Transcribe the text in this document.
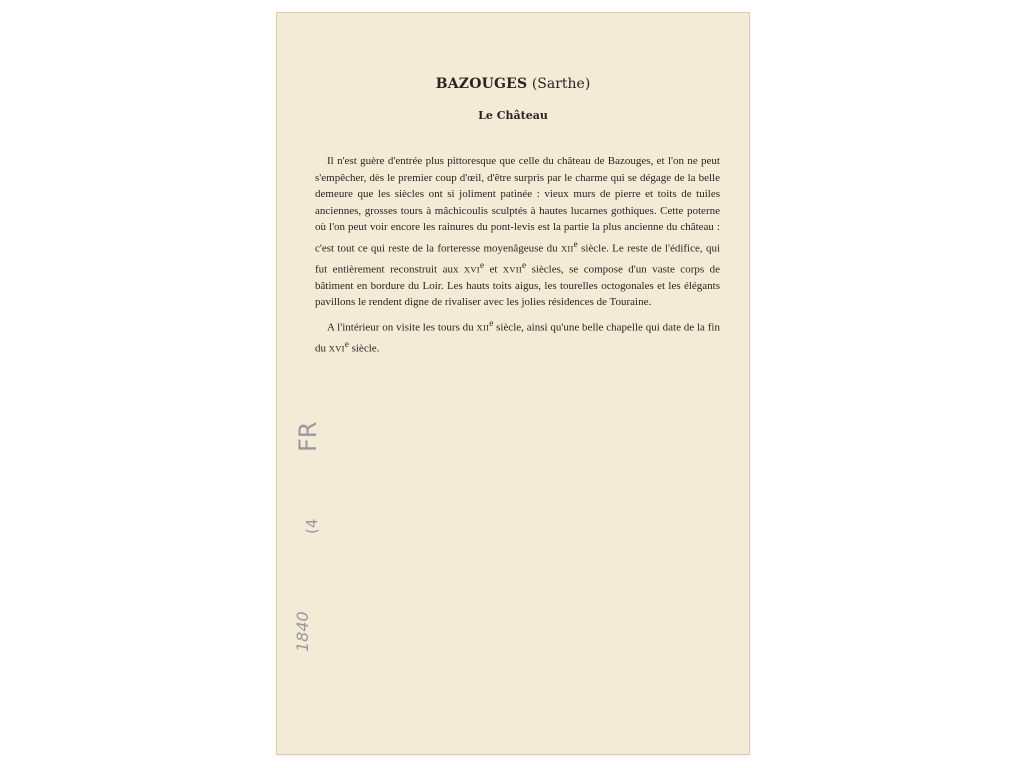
BAZOUGES (Sarthe)
Le Château

Il n'est guère d'entrée plus pittoresque que celle du château de Bazouges, et l'on ne peut s'empêcher, dès le premier coup d'œil, d'être surpris par le charme qui se dégage de la belle demeure que les siècles ont si joliment patinée : vieux murs de pierre et toits de tuiles anciennes, grosses tours à mâchicoulis sculptés à hautes lucarnes gothiques. Cette poterne où l'on peut voir encore les rainures du pont-levis est la partie la plus ancienne du château : c'est tout ce qui reste de la forteresse moyenâgeuse du XIIe siècle. Le reste de l'édifice, qui fut entièrement reconstruit aux XVIe et XVIIe siècles, se compose d'un vaste corps de bâtiment en bordure du Loir. Les hauts toits aigus, les tourelles octogonales et les élégants pavillons le rendent digne de rivaliser avec les jolies résidences de Touraine.

A l'intérieur on visite les tours du XIIe siècle, ainsi qu'une belle chapelle qui date de la fin du XVIe siècle.

FR
(4
1840
